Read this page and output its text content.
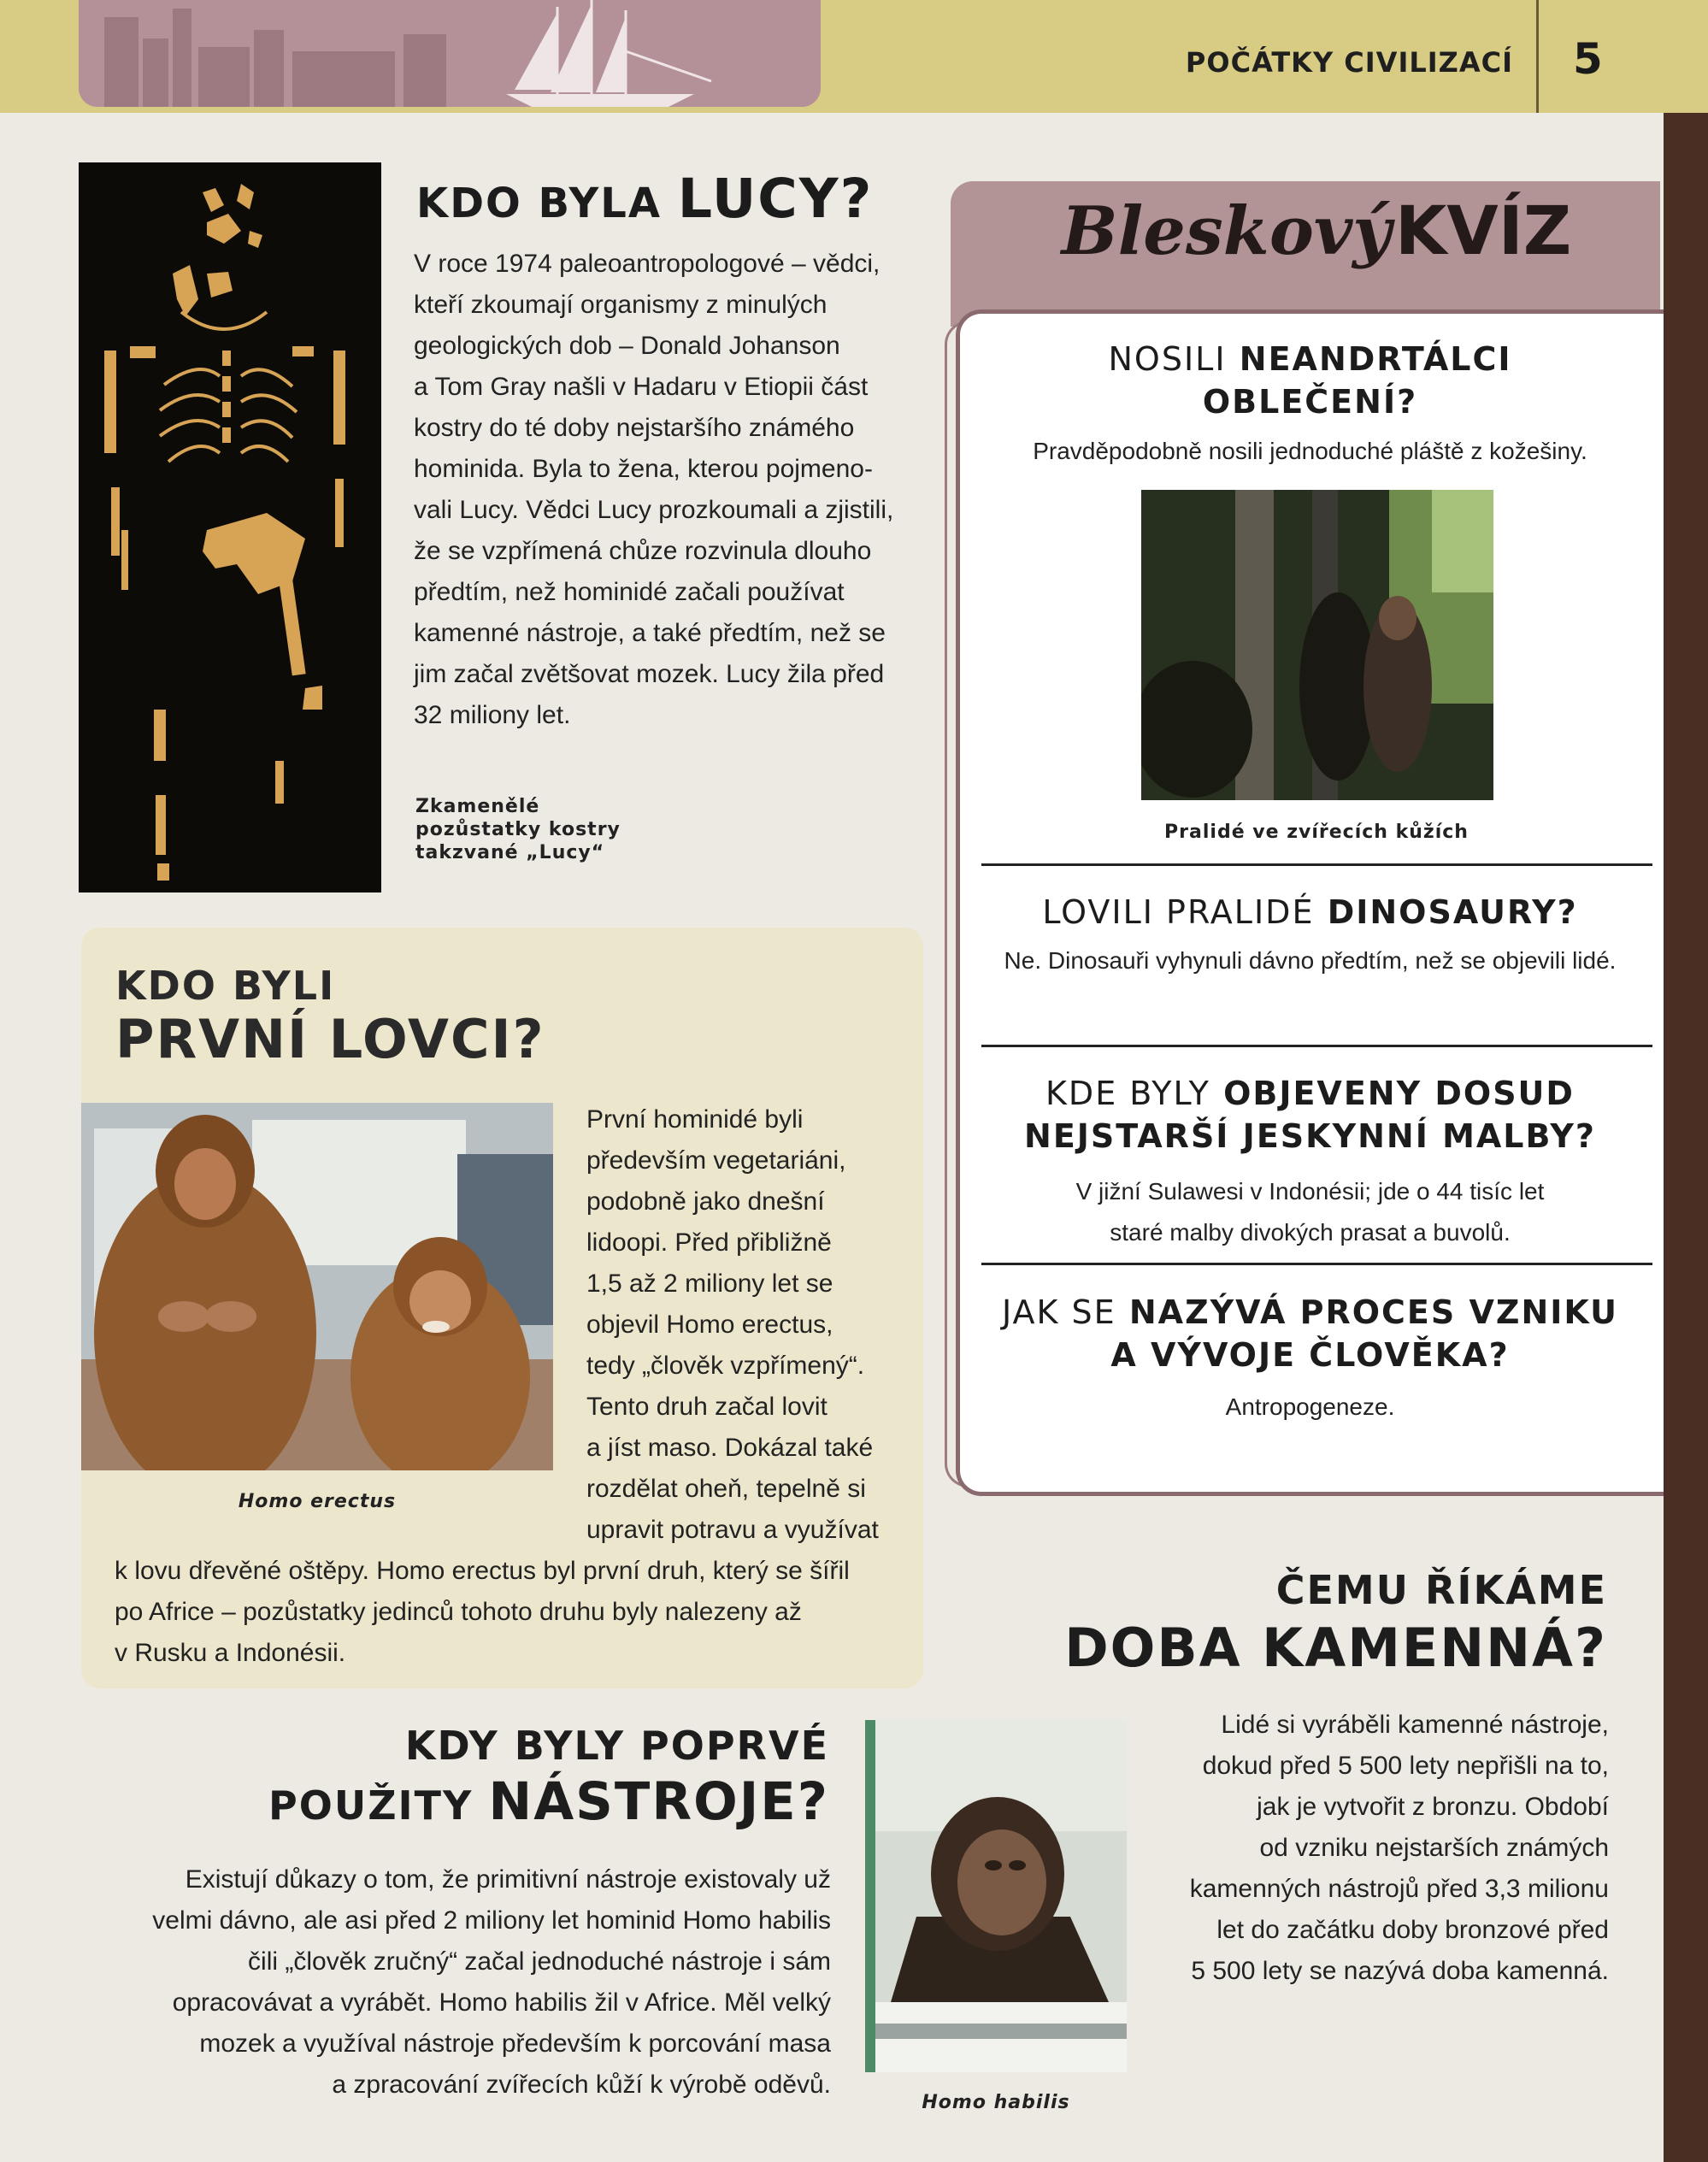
POČÁTKY CIVILIZACÍ 5
KDO BYLA LUCY?
V roce 1974 paleoantropologové – vědci,
kteří zkoumají organismy z minulých
geologických dob – Donald Johanson
a Tom Gray našli v Hadaru v Etiopii část
kostry do té doby nejstaršího známého
hominida. Byla to žena, kterou pojmeno-
vali Lucy. Vědci Lucy prozkoumali a zjistili,
že se vzpřímená chůze rozvinula dlouho
předtím, než hominidé začali používat
kamenné nástroje, a také předtím, než se
jim začal zvětšovat mozek. Lucy žila před
32 miliony let.
Zkamenělé
pozůstatky kostry
takzvané „Lucy“
KDO BYLI
PRVNÍ LOVCI?
Homo erectus
První hominidé byli
především vegetariáni,
podobně jako dnešní
lidoopi. Před přibližně
1,5 až 2 miliony let se
objevil Homo erectus,
tedy „člověk vzpřímený“.
Tento druh začal lovit
a jíst maso. Dokázal také
rozdělat oheň, tepelně si
upravit potravu a využívat
k lovu dřevěné oštěpy. Homo erectus byl první druh, který se šířil
po Africe – pozůstatky jedinců tohoto druhu byly nalezeny až
v Rusku a Indonésii.
KDY BYLY POPRVÉ
POUŽITY NÁSTROJE?
Existují důkazy o tom, že primitivní nástroje existovaly už
velmi dávno, ale asi před 2 miliony let hominid Homo habilis
čili „člověk zručný“ začal jednoduché nástroje i sám
opracovávat a vyrábět. Homo habilis žil v Africe. Měl velký
mozek a využíval nástroje především k porcování masa
a zpracování zvířecích kůží k výrobě oděvů.
Homo habilis
Bleskový KVÍZ
NOSILI NEANDRTÁLCI
OBLEČENÍ?
Pravděpodobně nosili jednoduché pláště z kožešiny.
Pralidé ve zvířecích kůžích
LOVILI PRALIDÉ DINOSAURY?
Ne. Dinosauři vyhynuli dávno předtím, než se objevili lidé.
KDE BYLY OBJEVENY DOSUD
NEJSTARŠÍ JESKYNNÍ MALBY?
V jižní Sulawesi v Indonésii; jde o 44 tisíc let
staré malby divokých prasat a buvolů.
JAK SE NAZÝVÁ PROCES VZNIKU
A VÝVOJE ČLOVĚKA?
Antropogeneze.
ČEMU ŘÍKÁME
DOBA KAMENNÁ?
Lidé si vyráběli kamenné nástroje,
dokud před 5 500 lety nepřišli na to,
jak je vytvořit z bronzu. Období
od vzniku nejstarších známých
kamenných nástrojů před 3,3 milionu
let do začátku doby bronzové před
5 500 lety se nazývá doba kamenná.
